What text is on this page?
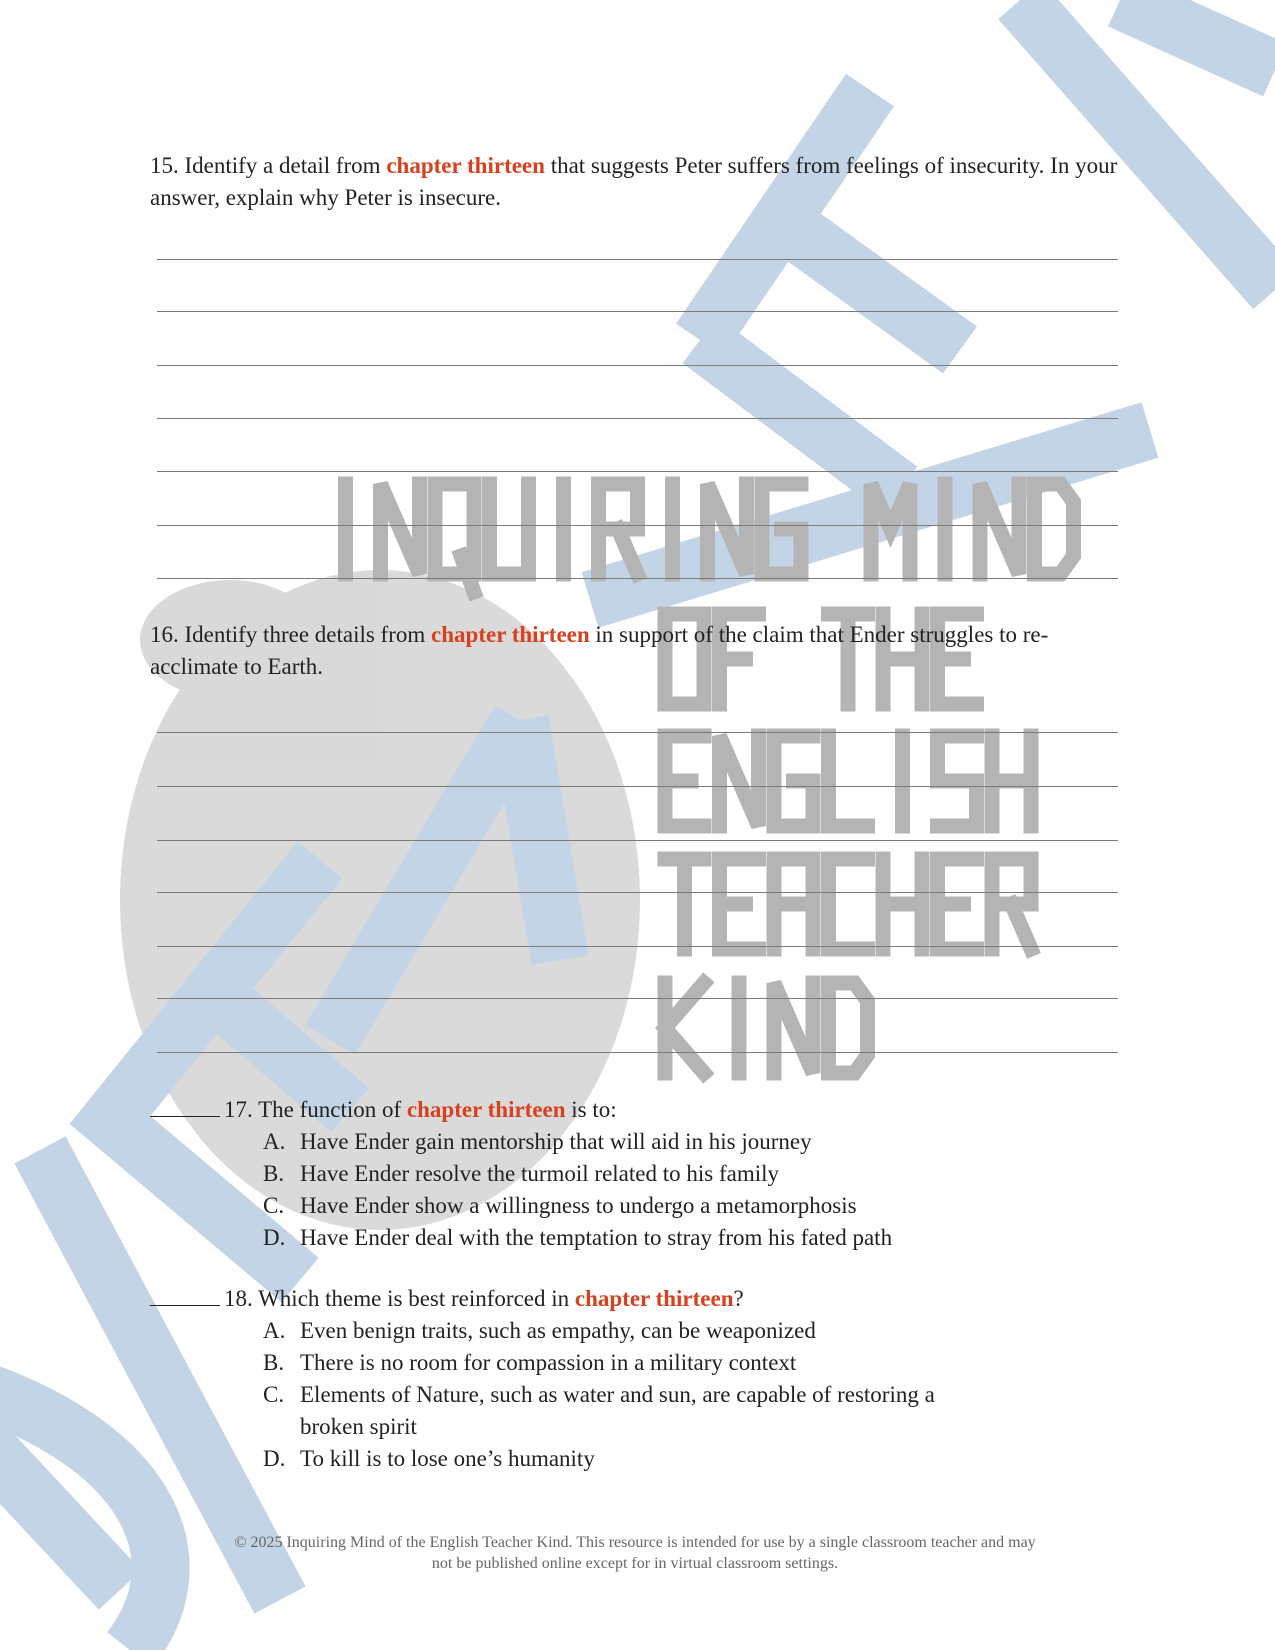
15. Identify a detail from chapter thirteen that suggests Peter suffers from feelings of insecurity. In your answer, explain why Peter is insecure.
16. Identify three details from chapter thirteen in support of the claim that Ender struggles to re-acclimate to Earth.
17. The function of chapter thirteen is to:
A. Have Ender gain mentorship that will aid in his journey
B. Have Ender resolve the turmoil related to his family
C. Have Ender show a willingness to undergo a metamorphosis
D. Have Ender deal with the temptation to stray from his fated path
18. Which theme is best reinforced in chapter thirteen?
A. Even benign traits, such as empathy, can be weaponized
B. There is no room for compassion in a military context
C. Elements of Nature, such as water and sun, are capable of restoring a
broken spirit
D. To kill is to lose one’s humanity
© 2025 Inquiring Mind of the English Teacher Kind. This resource is intended for use by a single classroom teacher and may
not be published online except for in virtual classroom settings.
